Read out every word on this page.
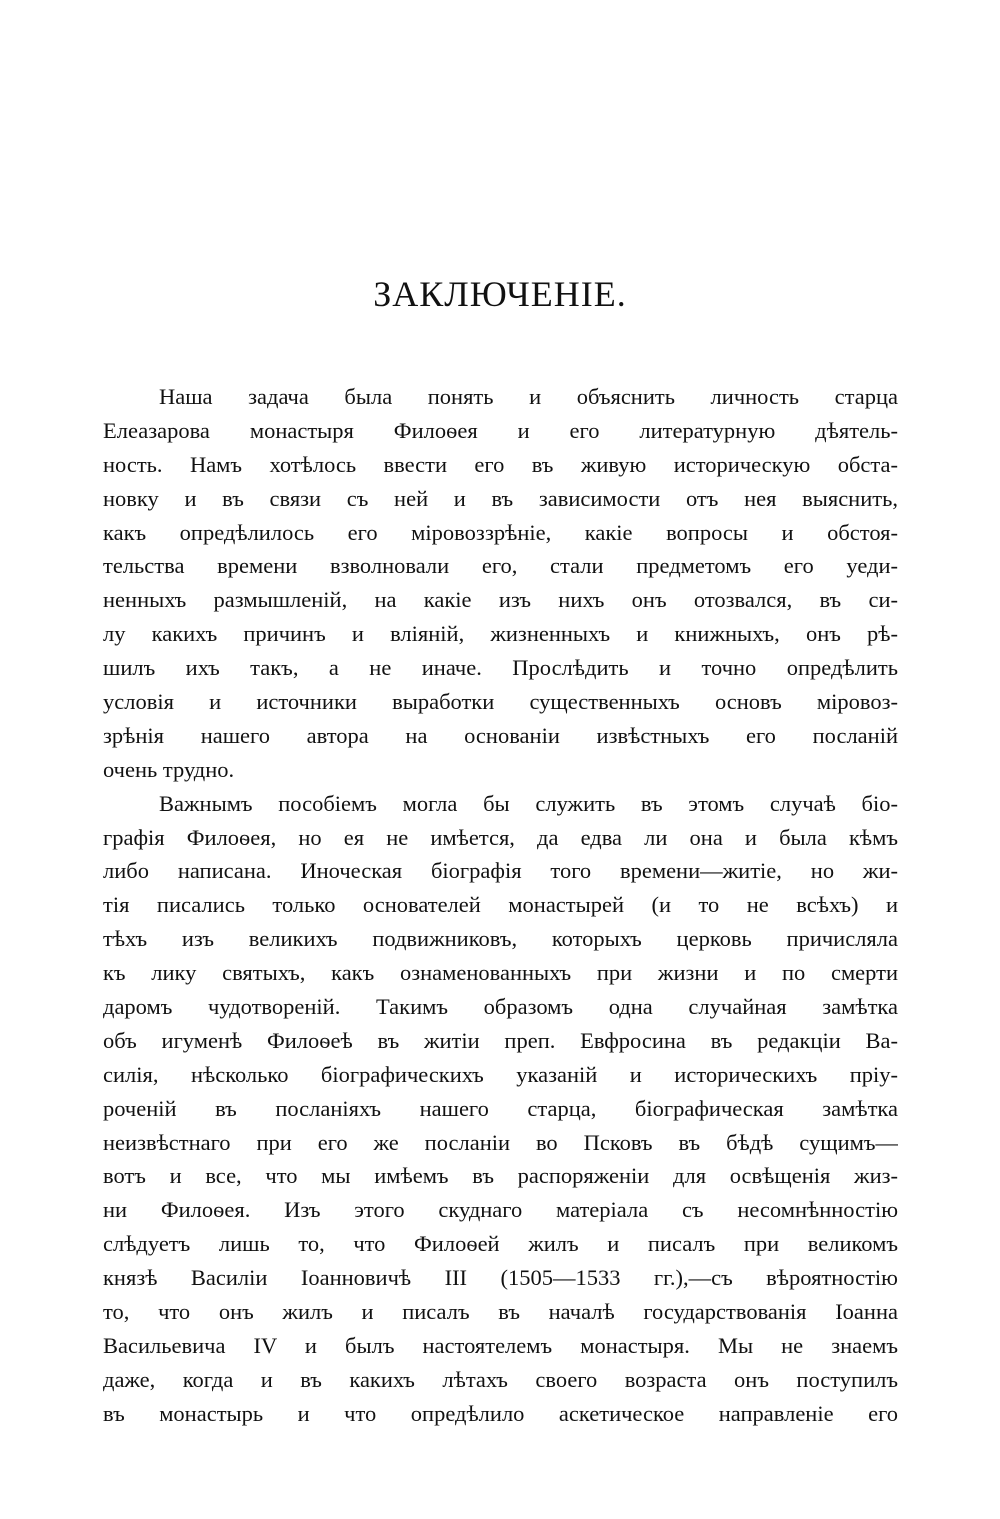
ЗАКЛЮЧЕНІЕ.

Наша задача была понять и объяснить личность старца
Елеазарова монастыря Филоѳея и его литературную дѣятель-
ность. Намъ хотѣлось ввести его въ живую историческую обста-
новку и въ связи съ ней и въ зависимости отъ нея выяснить,
какъ опредѣлилось его міровоззрѣніе, какіе вопросы и обстоя-
тельства времени взволновали его, стали предметомъ его уеди-
ненныхъ размышленій, на какіе изъ нихъ онъ отозвался, въ си-
лу какихъ причинъ и вліяній, жизненныхъ и книжныхъ, онъ рѣ-
шилъ ихъ такъ, а не иначе. Прослѣдить и точно опредѣлить
условія и источники выработки существенныхъ основъ міровоз-
зрѣнія нашего автора на основаніи извѣстныхъ его посланій
очень трудно.

Важнымъ пособіемъ могла бы служить въ этомъ случаѣ біо-
графія Филоѳея, но ея не имѣется, да едва ли она и была кѣмъ
либо написана. Иноческая біографія того времени—житіе, но жи-
тія писались только основателей монастырей (и то не всѣхъ) и
тѣхъ изъ великихъ подвижниковъ, которыхъ церковь причисляла
къ лику святыхъ, какъ ознаменованныхъ при жизни и по смерти
даромъ чудотвореній. Такимъ образомъ одна случайная замѣтка
объ игуменѣ Филоѳеѣ въ житіи преп. Евфросина въ редакціи Ва-
силія, нѣсколько біографическихъ указаній и историческихъ пріу-
роченій въ посланіяхъ нашего старца, біографическая замѣтка
неизвѣстнаго при его же посланіи во Псковъ въ бѣдѣ сущимъ—
вотъ и все, что мы имѣемъ въ распоряженіи для освѣщенія жиз-
ни Филоѳея. Изъ этого скуднаго матеріала съ несомнѣнностію
слѣдуетъ лишь то, что Филоѳей жилъ и писалъ при великомъ
князѣ Василіи Іоанновичѣ III (1505—1533 гг.),—съ вѣроятностію
то, что онъ жилъ и писалъ въ началѣ государствованія Іоанна
Васильевича IV и былъ настоятелемъ монастыря. Мы не знаемъ
даже, когда и въ какихъ лѣтахъ своего возраста онъ поступилъ
въ монастырь и что опредѣлило аскетическое направленіе его
